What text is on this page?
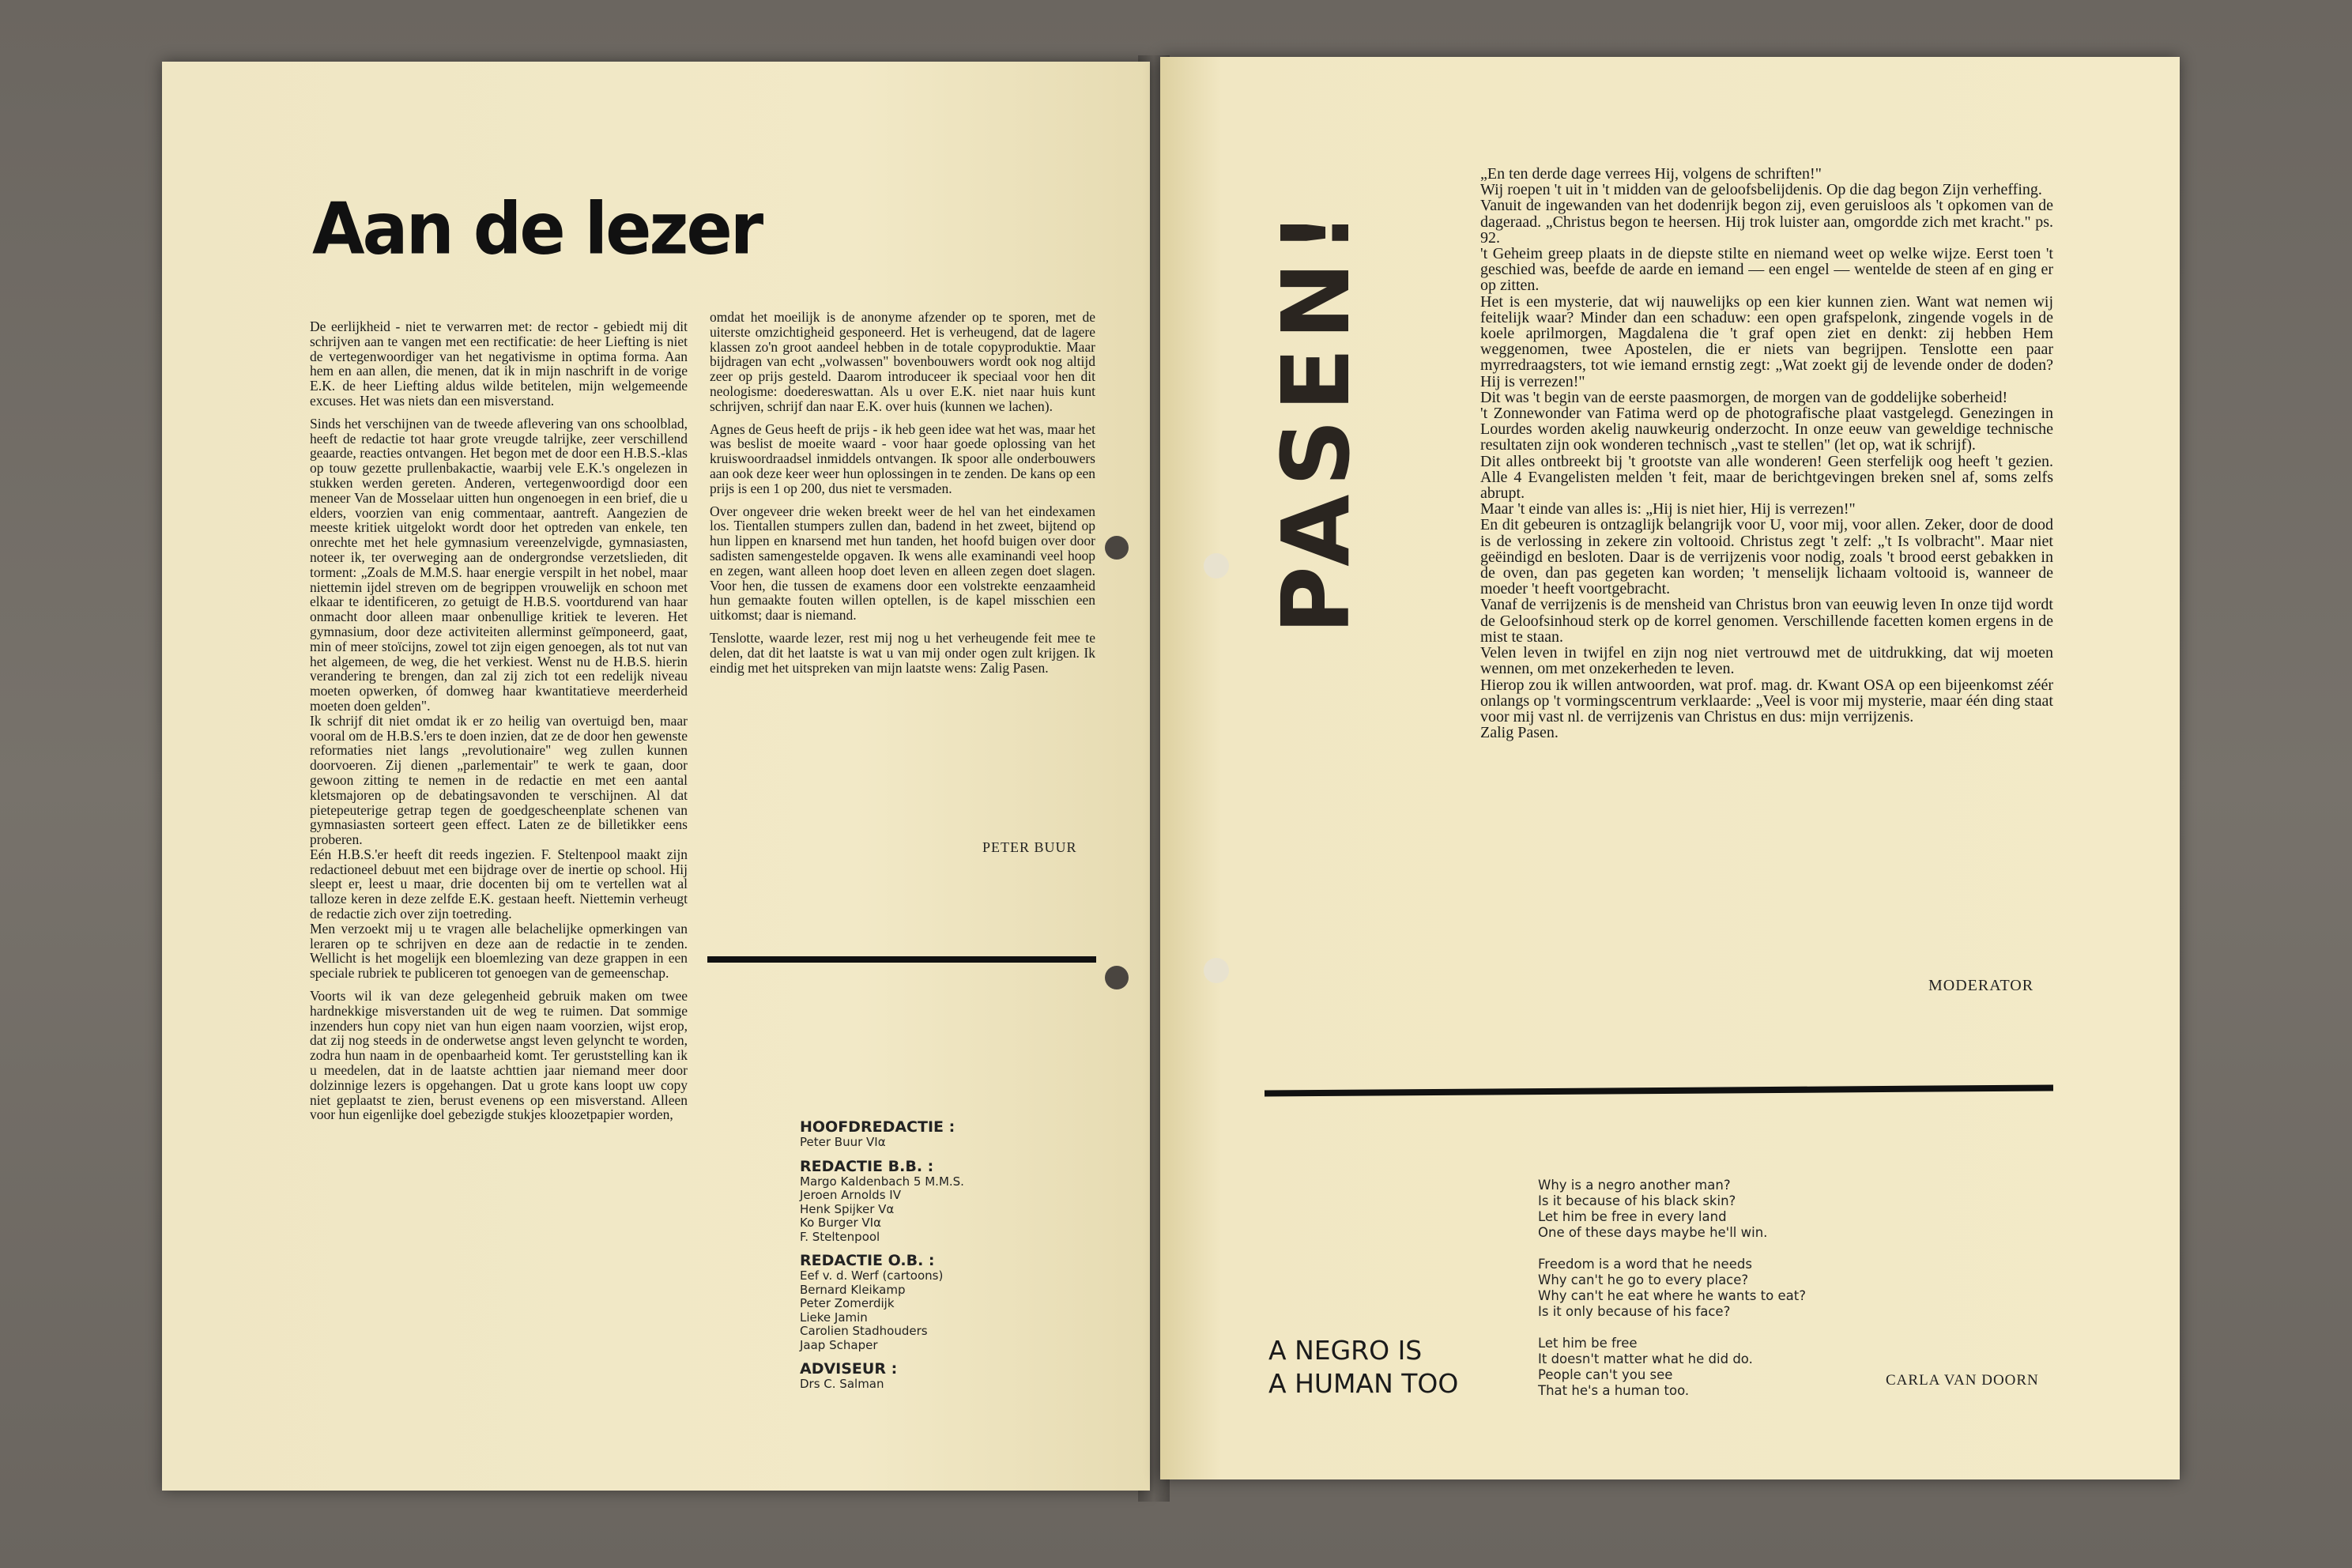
Aan de lezer

De eerlijkheid - niet te verwarren met: de rector - gebiedt mij dit schrijven aan te vangen met een rectificatie: de heer Liefting is niet de vertegenwoordiger van het negativisme in optima forma. Aan hem en aan allen, die menen, dat ik in mijn naschrift in de vorige E.K. de heer Liefting aldus wilde betitelen, mijn welgemeende excuses. Het was niets dan een misverstand.

Sinds het verschijnen van de tweede aflevering van ons schoolblad, heeft de redactie tot haar grote vreugde talrijke, zeer verschillend geaarde, reacties ontvangen. Het begon met de door een H.B.S.-klas op touw gezette prullenbakactie, waarbij vele E.K.'s ongelezen in stukken werden gereten. Anderen, vertegenwoordigd door een meneer Van de Mosselaar uitten hun ongenoegen in een brief, die u elders, voorzien van enig commentaar, aantreft. Aangezien de meeste kritiek uitgelokt wordt door het optreden van enkele, ten onrechte met het hele gymnasium vereenzelvigde, gymnasiasten, noteer ik, ter overweging aan de ondergrondse verzetslieden, dit torment: „Zoals de M.M.S. haar energie verspilt in het nobel, maar niettemin ijdel streven om de begrippen vrouwelijk en schoon met elkaar te identificeren, zo getuigt de H.B.S. voortdurend van haar onmacht door alleen maar onbenullige kritiek te leveren. Het gymnasium, door deze activiteiten allerminst geïmponeerd, gaat, min of meer stoïcijns, zowel tot zijn eigen genoegen, als tot nut van het algemeen, de weg, die het verkiest. Wenst nu de H.B.S. hierin verandering te brengen, dan zal zij zich tot een redelijk niveau moeten opwerken, óf domweg haar kwantitatieve meerderheid moeten doen gelden".

Ik schrijf dit niet omdat ik er zo heilig van overtuigd ben, maar vooral om de H.B.S.'ers te doen inzien, dat ze de door hen gewenste reformaties niet langs „revolutionaire" weg zullen kunnen doorvoeren. Zij dienen „parlementair" te werk te gaan, door gewoon zitting te nemen in de redactie en met een aantal kletsmajoren op de debatingsavonden te verschijnen. Al dat pietepeuterige getrap tegen de goedgescheenplate schenen van gymnasiasten sorteert geen effect. Laten ze de billetikker eens proberen.

Eén H.B.S.'er heeft dit reeds ingezien. F. Steltenpool maakt zijn redactioneel debuut met een bijdrage over de inertie op school. Hij sleept er, leest u maar, drie docenten bij om te vertellen wat al talloze keren in deze zelfde E.K. gestaan heeft. Niettemin verheugt de redactie zich over zijn toetreding.

Men verzoekt mij u te vragen alle belachelijke opmerkingen van leraren op te schrijven en deze aan de redactie in te zenden. Wellicht is het mogelijk een bloemlezing van deze grappen in een speciale rubriek te publiceren tot genoegen van de gemeenschap.

Voorts wil ik van deze gelegenheid gebruik maken om twee hardnekkige misverstanden uit de weg te ruimen. Dat sommige inzenders hun copy niet van hun eigen naam voorzien, wijst erop, dat zij nog steeds in de onderwetse angst leven gelyncht te worden, zodra hun naam in de openbaarheid komt. Ter geruststelling kan ik u meedelen, dat in de laatste achttien jaar niemand meer door dolzinnige lezers is opgehangen. Dat u grote kans loopt uw copy niet geplaatst te zien, berust evenens op een misverstand. Alleen voor hun eigenlijke doel gebezigde stukjes kloozetpapier worden,

omdat het moeilijk is de anonyme afzender op te sporen, met de uiterste omzichtigheid gesponeerd. Het is verheugend, dat de lagere klassen zo'n groot aandeel hebben in de totale copyproduktie. Maar bijdragen van echt „volwassen" bovenbouwers wordt ook nog altijd zeer op prijs gesteld. Daarom introduceer ik speciaal voor hen dit neologisme: doedereswattan. Als u over E.K. niet naar huis kunt schrijven, schrijf dan naar E.K. over huis (kunnen we lachen).

Agnes de Geus heeft de prijs - ik heb geen idee wat het was, maar het was beslist de moeite waard - voor haar goede oplossing van het kruiswoordraadsel inmiddels ontvangen. Ik spoor alle onderbouwers aan ook deze keer weer hun oplossingen in te zenden. De kans op een prijs is een 1 op 200, dus niet te versmaden.

Over ongeveer drie weken breekt weer de hel van het eindexamen los. Tientallen stumpers zullen dan, badend in het zweet, bijtend op hun lippen en knarsend met hun tanden, het hoofd buigen over door sadisten samengestelde opgaven. Ik wens alle examinandi veel hoop en zegen, want alleen hoop doet leven en alleen zegen doet slagen. Voor hen, die tussen de examens door een volstrekte eenzaamheid hun gemaakte fouten willen optellen, is de kapel misschien een uitkomst; daar is niemand.

Tenslotte, waarde lezer, rest mij nog u het verheugende feit mee te delen, dat dit het laatste is wat u van mij onder ogen zult krijgen. Ik eindig met het uitspreken van mijn laatste wens: Zalig Pasen.

PETER BUUR
HOOFDREDACTIE :
Peter Buur VIα
REDACTIE B.B. :
Margo Kaldenbach 5 M.M.S.
Jeroen Arnolds IV
Henk Spijker Vα
Ko Burger VIα
F. Steltenpool
REDACTIE O.B. :
Eef v. d. Werf (cartoons)
Bernard Kleikamp
Peter Zomerdijk
Lieke Jamin
Carolien Stadhouders
Jaap Schaper
ADVISEUR :
Drs C. Salman
PASEN!

„En ten derde dage verrees Hij, volgens de schriften!"

Wij roepen 't uit in 't midden van de geloofsbelijdenis. Op die dag begon Zijn verheffing.

Vanuit de ingewanden van het dodenrijk begon zij, even geruisloos als 't opkomen van de dageraad. „Christus begon te heersen. Hij trok luister aan, omgordde zich met kracht." ps. 92.

't Geheim greep plaats in de diepste stilte en niemand weet op welke wijze. Eerst toen 't geschied was, beefde de aarde en iemand — een engel — wentelde de steen af en ging er op zitten.

Het is een mysterie, dat wij nauwelijks op een kier kunnen zien. Want wat nemen wij feitelijk waar? Minder dan een schaduw: een open grafspelonk, zingende vogels in de koele aprilmorgen, Magdalena die 't graf open ziet en denkt: zij hebben Hem weggenomen, twee Apostelen, die er niets van begrijpen. Tenslotte een paar myrredraagsters, tot wie iemand ernstig zegt: „Wat zoekt gij de levende onder de doden? Hij is verrezen!"

Dit was 't begin van de eerste paasmorgen, de morgen van de goddelijke soberheid!

't Zonnewonder van Fatima werd op de photografische plaat vastgelegd. Genezingen in Lourdes worden akelig nauwkeurig onderzocht. In onze eeuw van geweldige technische resultaten zijn ook wonderen technisch „vast te stellen" (let op, wat ik schrijf).

Dit alles ontbreekt bij 't grootste van alle wonderen! Geen sterfelijk oog heeft 't gezien. Alle 4 Evangelisten melden 't feit, maar de berichtgevingen breken snel af, soms zelfs abrupt.

Maar 't einde van alles is: „Hij is niet hier, Hij is verrezen!"

En dit gebeuren is ontzaglijk belangrijk voor U, voor mij, voor allen. Zeker, door de dood is de verlossing in zekere zin voltooid. Christus zegt 't zelf: „'t Is volbracht". Maar niet geëindigd en besloten. Daar is de verrijzenis voor nodig, zoals 't brood eerst gebakken in de oven, dan pas gegeten kan worden; 't menselijk lichaam voltooid is, wanneer de moeder 't heeft voortgebracht.

Vanaf de verrijzenis is de mensheid van Christus bron van eeuwig leven In onze tijd wordt de Geloofsinhoud sterk op de korrel genomen. Verschillende facetten komen ergens in de mist te staan.

Velen leven in twijfel en zijn nog niet vertrouwd met de uitdrukking, dat wij moeten wennen, om met onzekerheden te leven.

Hierop zou ik willen antwoorden, wat prof. mag. dr. Kwant OSA op een bijeenkomst zéér onlangs op 't vormingscentrum verklaarde: „Veel is voor mij mysterie, maar één ding staat voor mij vast nl. de verrijzenis van Christus en dus: mijn verrijzenis.

Zalig Pasen.

MODERATOR
A NEGRO IS
A HUMAN TOO
Why is a negro another man?
Is it because of his black skin?
Let him be free in every land
One of these days maybe he'll win.
Freedom is a word that he needs
Why can't he go to every place?
Why can't he eat where he wants to eat?
Is it only because of his face?
Let him be free
It doesn't matter what he did do.
People can't you see
That he's a human too.
CARLA VAN DOORN
